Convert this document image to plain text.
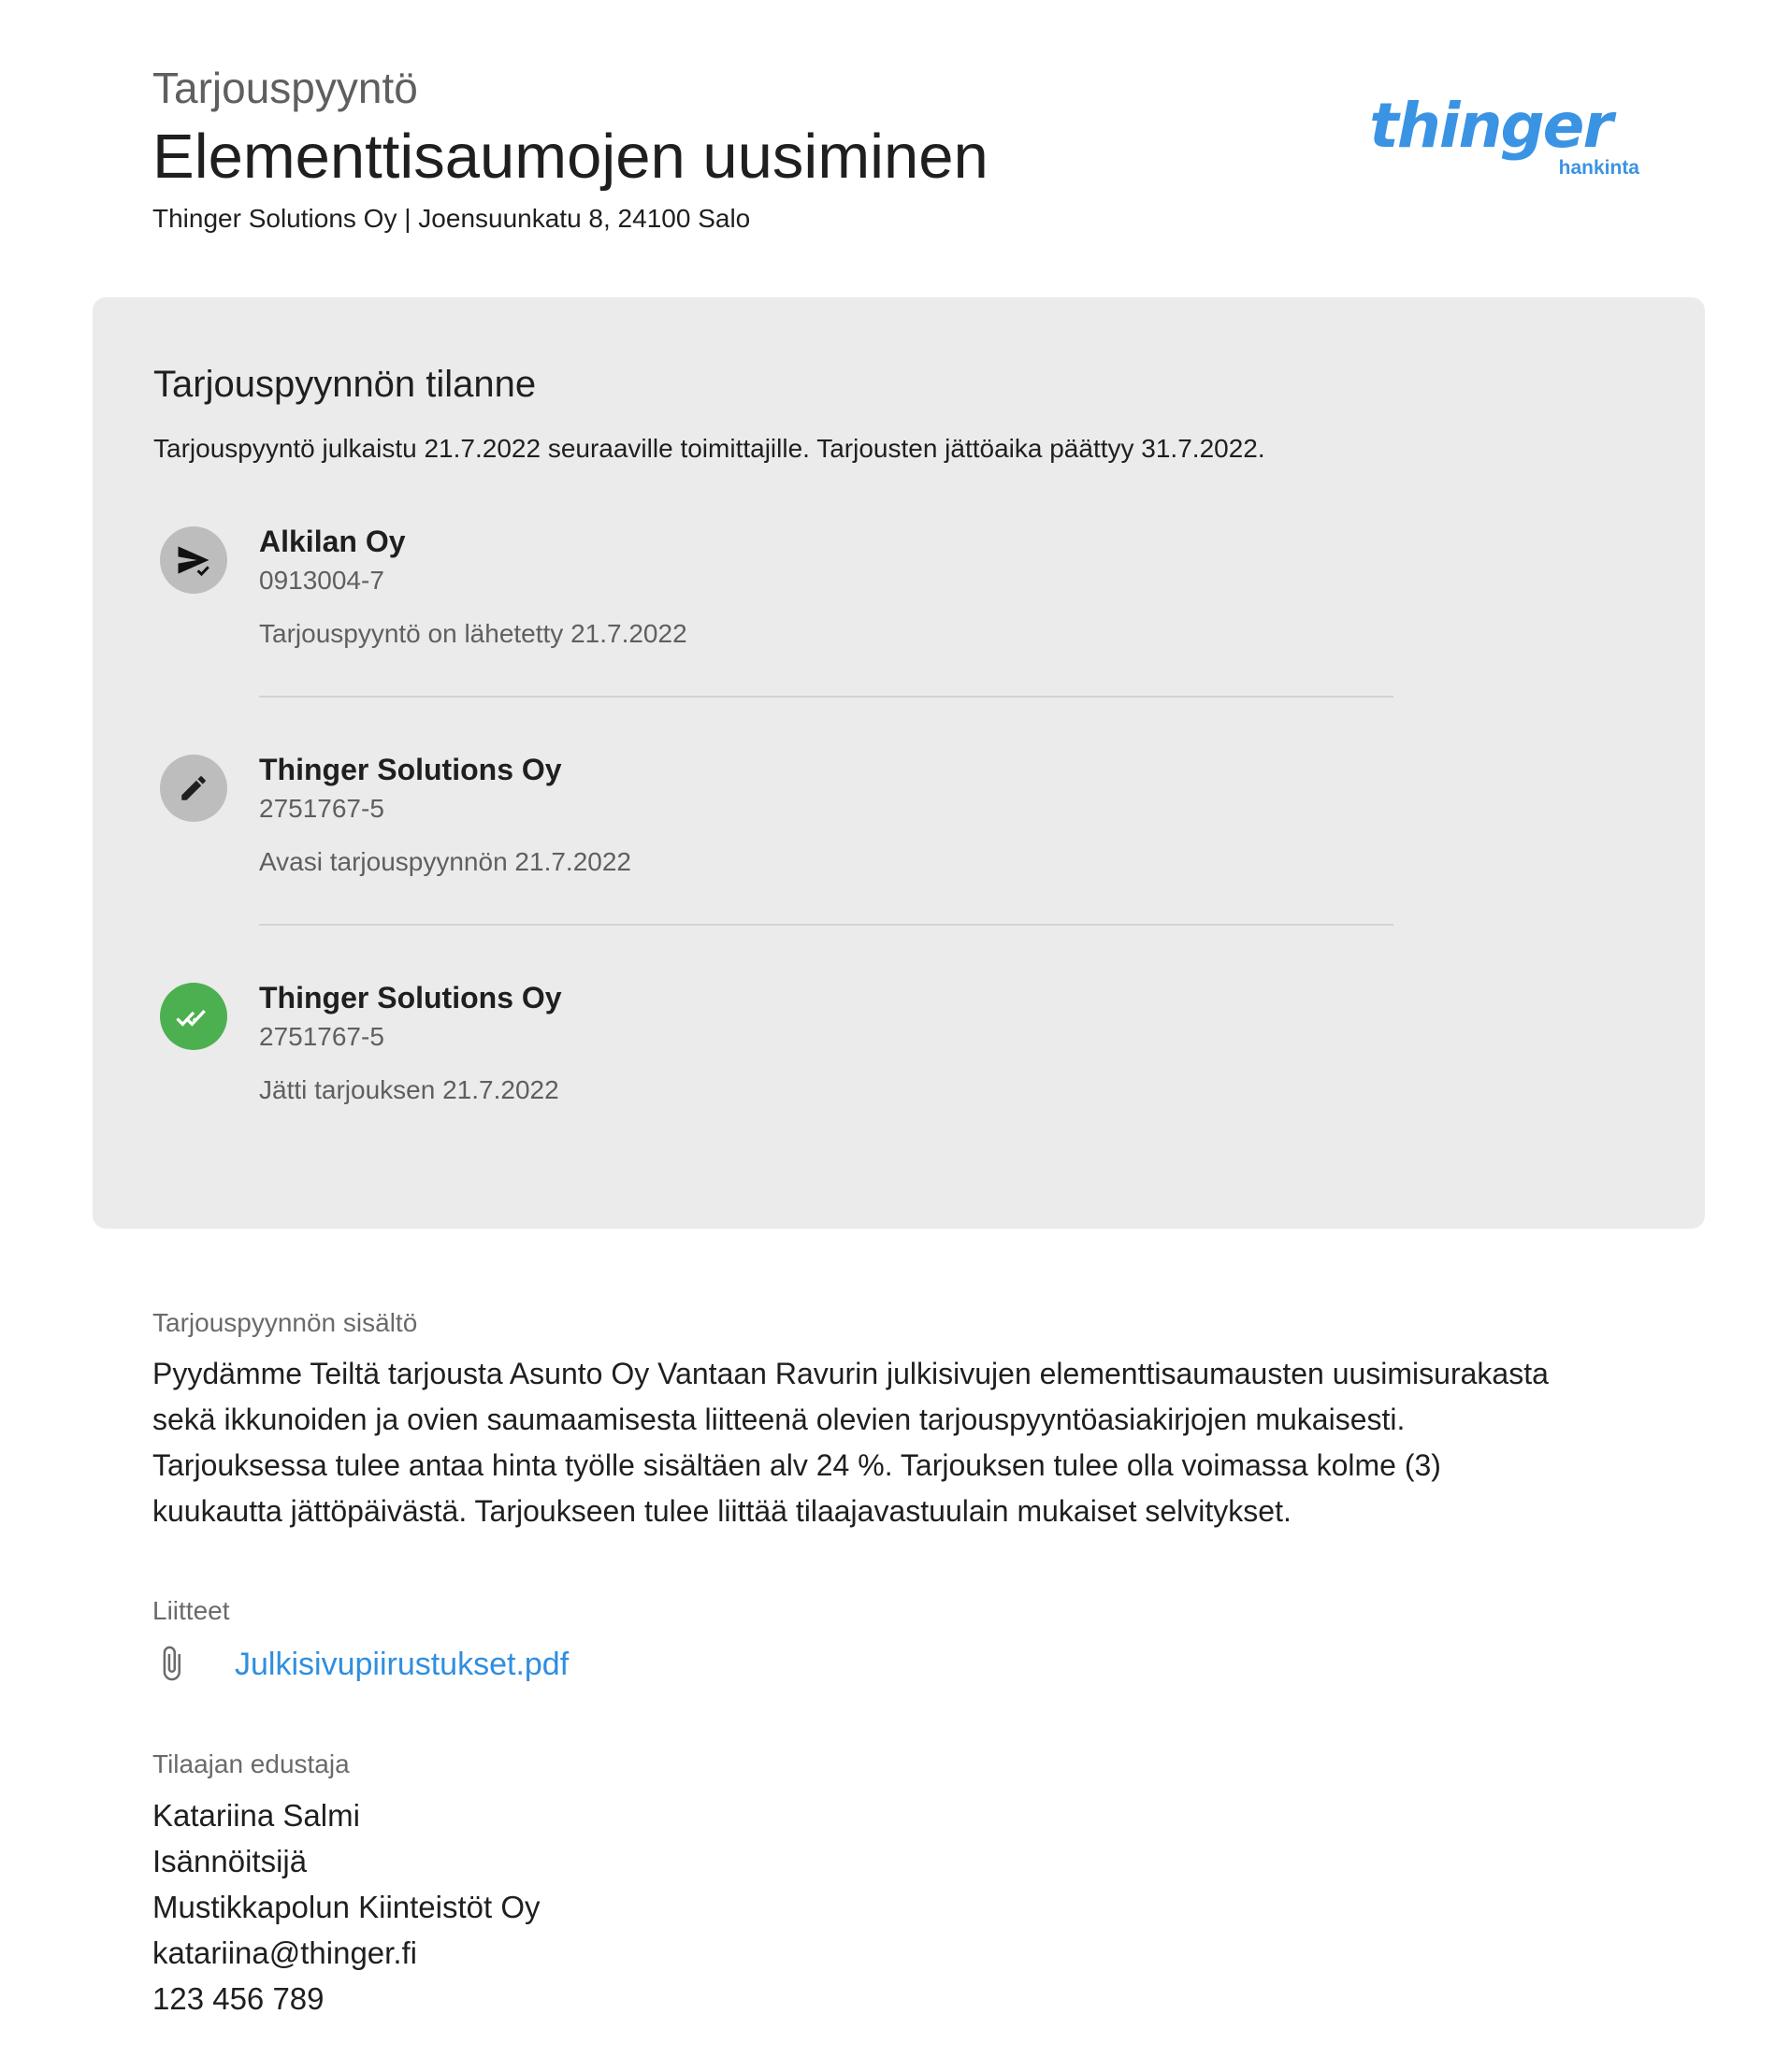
Tarjouspyyntö
Elementtisaumojen uusiminen
Thinger Solutions Oy | Joensuunkatu 8, 24100 Salo
thinger
hankinta
Tarjouspyynnön tilanne
Tarjouspyyntö julkaistu 21.7.2022 seuraaville toimittajille. Tarjousten jättöaika päättyy 31.7.2022.
Alkilan Oy
0913004-7
Tarjouspyyntö on lähetetty 21.7.2022
Thinger Solutions Oy
2751767-5
Avasi tarjouspyynnön 21.7.2022
Thinger Solutions Oy
2751767-5
Jätti tarjouksen 21.7.2022
Tarjouspyynnön sisältö
Pyydämme Teiltä tarjousta Asunto Oy Vantaan Ravurin julkisivujen elementtisaumausten uusimisurakasta
sekä ikkunoiden ja ovien saumaamisesta liitteenä olevien tarjouspyyntöasiakirjojen mukaisesti.
Tarjouksessa tulee antaa hinta työlle sisältäen alv 24 %. Tarjouksen tulee olla voimassa kolme (3)
kuukautta jättöpäivästä. Tarjoukseen tulee liittää tilaajavastuulain mukaiset selvitykset.
Liitteet
Julkisivupiirustukset.pdf
Tilaajan edustaja
Katariina Salmi
Isännöitsijä
Mustikkapolun Kiinteistöt Oy
katariina@thinger.fi
123 456 789
